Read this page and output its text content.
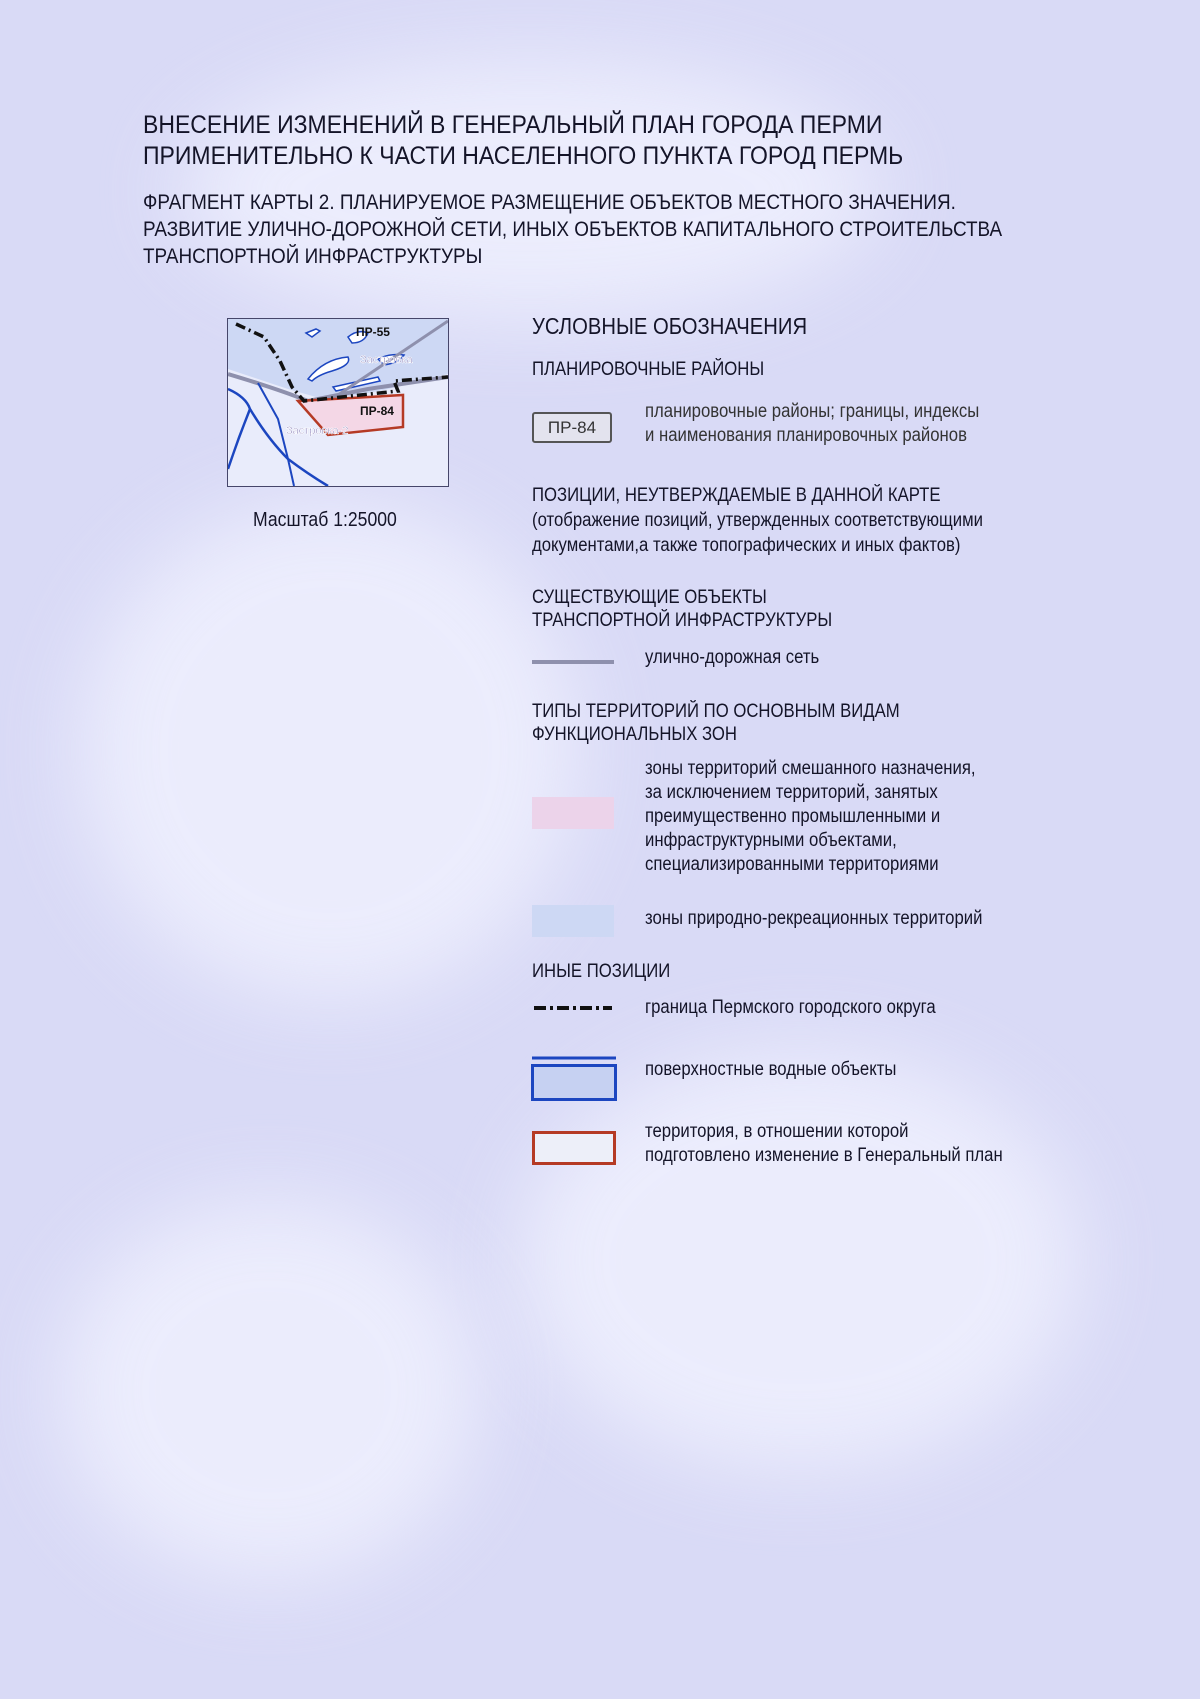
ВНЕСЕНИЕ ИЗМЕНЕНИЙ В ГЕНЕРАЛЬНЫЙ ПЛАН ГОРОДА ПЕРМИ
ПРИМЕНИТЕЛЬНО К ЧАСТИ НАСЕЛЕННОГО ПУНКТА ГОРОД ПЕРМЬ
ФРАГМЕНТ КАРТЫ 2. ПЛАНИРУЕМОЕ РАЗМЕЩЕНИЕ ОБЪЕКТОВ МЕСТНОГО ЗНАЧЕНИЯ.
РАЗВИТИЕ УЛИЧНО-ДОРОЖНОЙ СЕТИ, ИНЫХ ОБЪЕКТОВ КАПИТАЛЬНОГО СТРОИТЕЛЬСТВА
ТРАНСПОРТНОЙ ИНФРАСТРУКТУРЫ
ПР-55
Застровка
ПР-84
Застровка-2
Масштаб 1:25000
УСЛОВНЫЕ ОБОЗНАЧЕНИЯ
ПЛАНИРОВОЧНЫЕ РАЙОНЫ
ПР-84
планировочные районы; границы, индексы
и наименования планировочных районов
ПОЗИЦИИ, НЕУТВЕРЖДАЕМЫЕ В ДАННОЙ КАРТЕ
(отображение позиций, утвержденных соответствующими
документами,а также топографических и иных фактов)
СУЩЕСТВУЮЩИЕ ОБЪЕКТЫ
ТРАНСПОРТНОЙ ИНФРАСТРУКТУРЫ
улично-дорожная сеть
ТИПЫ ТЕРРИТОРИЙ ПО ОСНОВНЫМ ВИДАМ
ФУНКЦИОНАЛЬНЫХ ЗОН
зоны территорий смешанного назначения,
за исключением территорий, занятых
преимущественно промышленными и
инфраструктурными объектами,
специализированными территориями
зоны природно-рекреационных территорий
ИНЫЕ ПОЗИЦИИ
граница Пермского городского округа
поверхностные водные объекты
территория, в отношении которой
подготовлено изменение в Генеральный план
